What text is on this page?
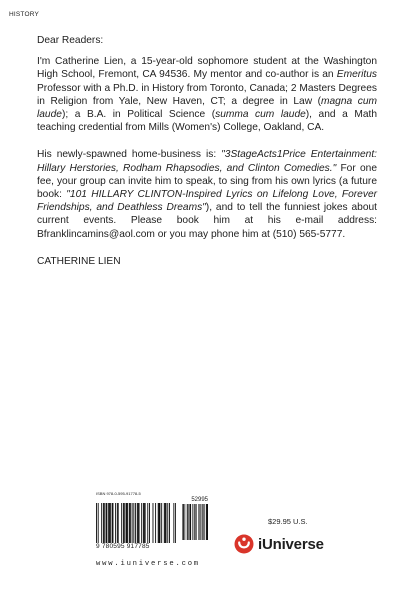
HISTORY

Dear Readers:

I'm Catherine Lien, a 15-year-old sophomore student at the Washington High School, Fremont, CA 94536. My mentor and co-author is an Emeritus Professor with a Ph.D. in History from Toronto, Canada; 2 Masters Degrees in Religion from Yale, New Haven, CT; a degree in Law (magna cum laude); a B.A. in Political Science (summa cum laude), and a Math teaching credential from Mills (Women's) College, Oakland, CA.

His newly-spawned home-business is: "3StageActs1Price Entertainment: Hillary Herstories, Rodham Rhapsodies, and Clinton Comedies." For one fee, your group can invite him to speak, to sing from his own lyrics (a future book: "101 HILLARY CLINTON-Inspired Lyrics on Lifelong Love, Forever Friendships, and Deathless Dreams"), and to tell the funniest jokes about current events. Please book him at his e-mail address: Bfranklincamins@aol.com or you may phone him at (510) 565-5777.

CATHERINE LIEN

ISBN 978-0-595-91778-5
52995
9 780595 917785
www.iuniverse.com
$29.95 U.S.
iUniverse
